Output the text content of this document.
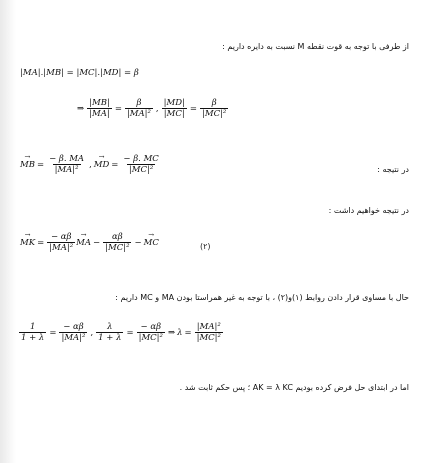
از طرفی با توجه به قوت نقطه M نسبت به دایره داریم :
|MA|.|MB| = |MC|.|MD| = β
⇒ $\frac{|MB|}{|MA|} = \frac{\beta}{\text{|MA|²}}$ , $\frac{|MD|}{|MC|} = \frac{\beta}{\text{|MC|²}}$
در نتیجه :
→ MB = $\frac{- \beta. MA}{\text{|MA|²}}$ , → MD = $\frac{- \beta. MC}{\text{|MC|²}}$
در نتیجه خواهیم داشت :
→ MK = $\frac{- \alpha\beta}{\text{|MA|²}}$ → MA − $\frac{\alpha\beta}{\text{|MC|²}}$ − → MC	(۲)
حال با مساوی قرار دادن روابط (۱)و(۲) ، با توجه به غیر همراستا بودن MA و MC داریم :
$\frac{1}{1 + \lambda} = \frac{- \alpha\beta}{\text{|MA|²}}$ , $\frac{\lambda}{1 + \lambda} = \frac{- \alpha\beta}{\text{|MC|²}}$ ⇒ $\lambda = \frac{\text{|MA|²}}{\text{|MC|²}}$
اما در ابتدای حل فرض کرده بودیم AK = λ KC ؛ پس حکم ثابت شد .
